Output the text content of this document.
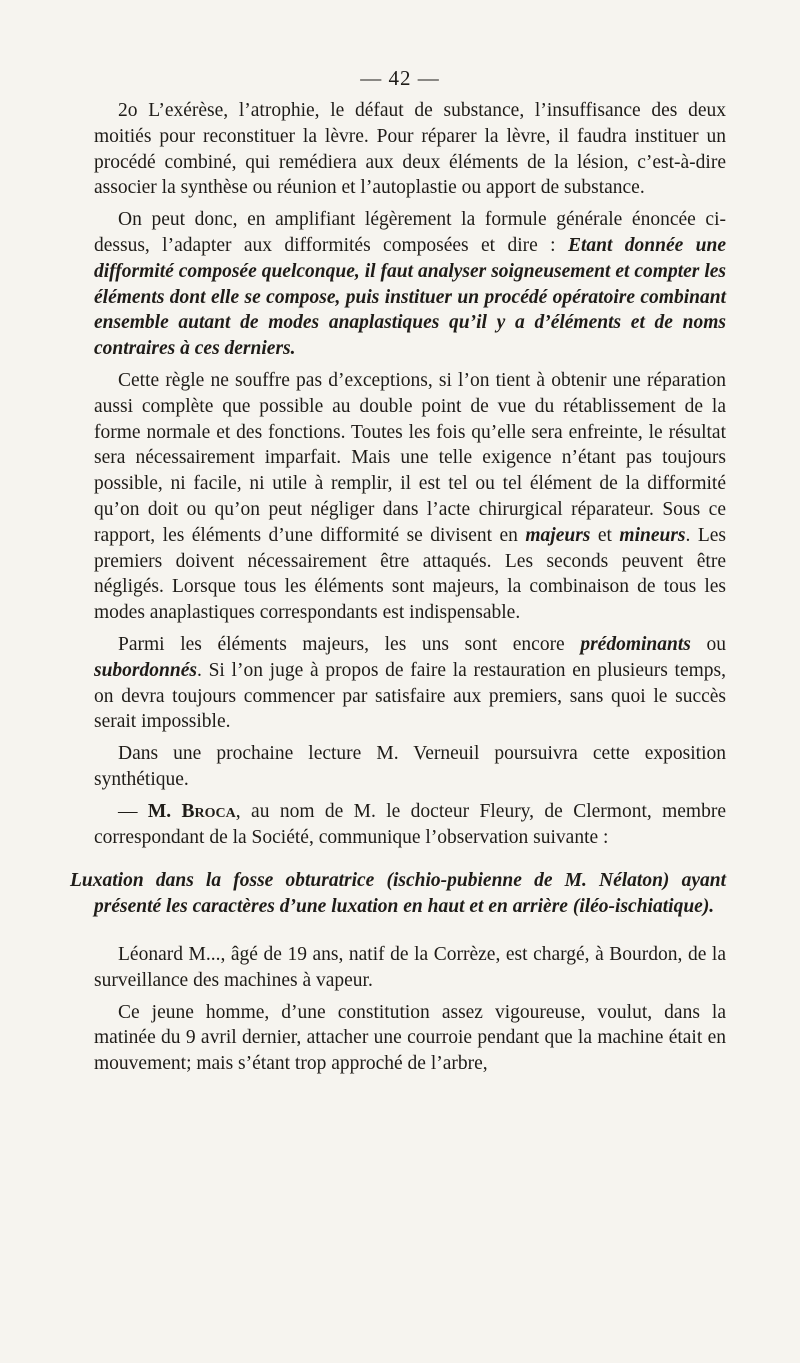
— 42 —

2o L’exérèse, l’atrophie, le défaut de substance, l’insuffisance des deux moitiés pour reconstituer la lèvre. Pour réparer la lèvre, il faudra instituer un procédé combiné, qui remédiera aux deux éléments de la lésion, c’est-à-dire associer la synthèse ou réunion et l’autoplastie ou apport de substance.

On peut donc, en amplifiant légèrement la formule générale énoncée ci-dessus, l’adapter aux difformités composées et dire : Etant donnée une difformité composée quelconque, il faut analyser soigneusement et compter les éléments dont elle se compose, puis instituer un procédé opératoire combinant ensemble autant de modes anaplastiques qu’il y a d’éléments et de noms contraires à ces derniers.

Cette règle ne souffre pas d’exceptions, si l’on tient à obtenir une réparation aussi complète que possible au double point de vue du rétablissement de la forme normale et des fonctions. Toutes les fois qu’elle sera enfreinte, le résultat sera nécessairement imparfait. Mais une telle exigence n’étant pas toujours possible, ni facile, ni utile à remplir, il est tel ou tel élément de la difformité qu’on doit ou qu’on peut négliger dans l’acte chirurgical réparateur. Sous ce rapport, les éléments d’une difformité se divisent en majeurs et mineurs. Les premiers doivent nécessairement être attaqués. Les seconds peuvent être négligés. Lorsque tous les éléments sont majeurs, la combinaison de tous les modes anaplastiques correspondants est indispensable.

Parmi les éléments majeurs, les uns sont encore prédominants ou subordonnés. Si l’on juge à propos de faire la restauration en plusieurs temps, on devra toujours commencer par satisfaire aux premiers, sans quoi le succès serait impossible.

Dans une prochaine lecture M. Verneuil poursuivra cette exposition synthétique.

— M. Broca, au nom de M. le docteur Fleury, de Clermont, membre correspondant de la Société, communique l’observation suivante :

Luxation dans la fosse obturatrice (ischio-pubienne de M. Nélaton) ayant présenté les caractères d’une luxation en haut et en arrière (iléo-ischiatique).

Léonard M..., âgé de 19 ans, natif de la Corrèze, est chargé, à Bourdon, de la surveillance des machines à vapeur.

Ce jeune homme, d’une constitution assez vigoureuse, voulut, dans la matinée du 9 avril dernier, attacher une courroie pendant que la machine était en mouvement; mais s’étant trop approché de l’arbre,
